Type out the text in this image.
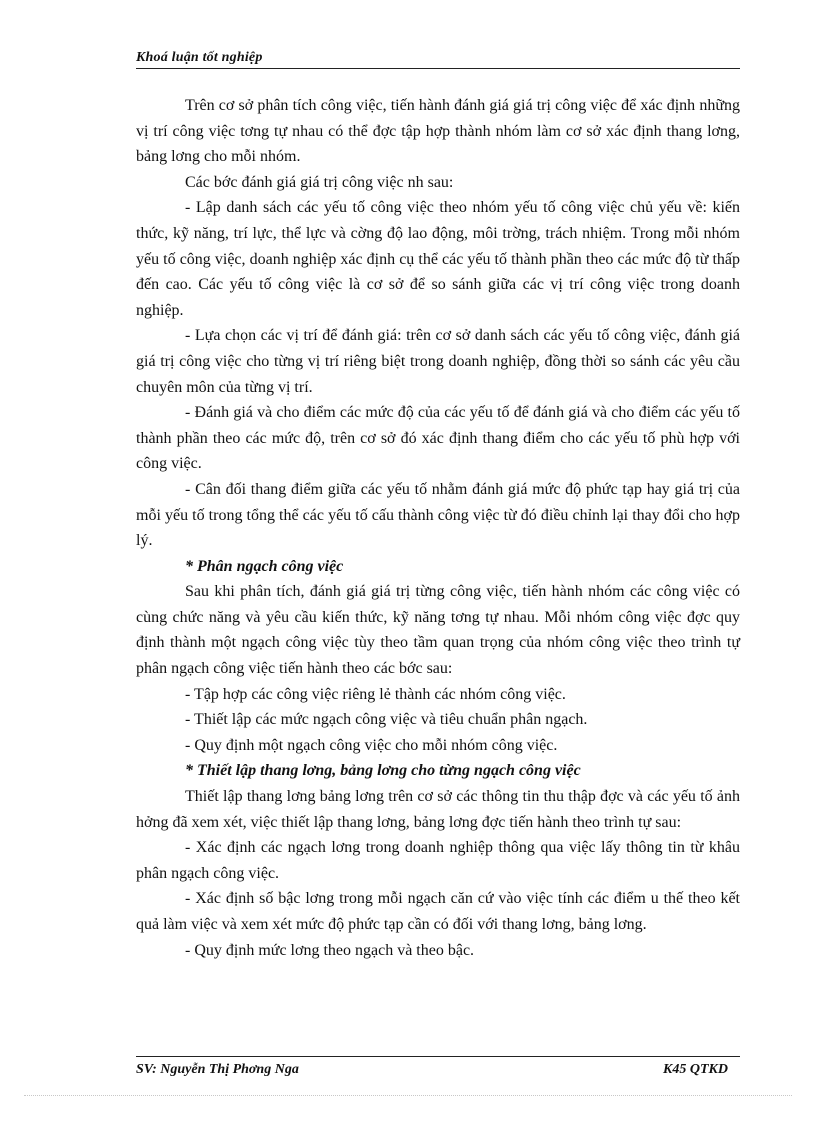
Khoá luận tốt nghiệp

Trên cơ sở phân tích công việc, tiến hành đánh giá giá trị công việc để xác định những vị trí công việc tơng tự nhau có thể đợc tập hợp thành nhóm làm cơ sở xác định thang lơng, bảng lơng cho mỗi nhóm.

Các bớc đánh giá giá trị công việc nh sau:

- Lập danh sách các yếu tố công việc theo nhóm yếu tố công việc chủ yếu về: kiến thức, kỹ năng, trí lực, thể lực và cờng độ lao động, môi trờng, trách nhiệm. Trong mỗi nhóm yếu tố công việc, doanh nghiệp xác định cụ thể các yếu tố thành phần theo các mức độ từ thấp đến cao. Các yếu tố công việc là cơ sở để so sánh giữa các vị trí công việc trong doanh nghiệp.

- Lựa chọn các vị trí để đánh giá: trên cơ sở danh sách các yếu tố công việc, đánh giá giá trị công việc cho từng vị trí riêng biệt trong doanh nghiệp, đồng thời so sánh các yêu cầu chuyên môn của từng vị trí.

- Đánh giá và cho điểm các mức độ của các yếu tố để đánh giá và cho điểm các yếu tố thành phần theo các mức độ, trên cơ sở đó xác định thang điểm cho các yếu tố phù hợp với công việc.

- Cân đối thang điểm giữa các yếu tố nhằm đánh giá mức độ phức tạp hay giá trị của mỗi yếu tố trong tổng thể các yếu tố cấu thành công việc từ đó điều chỉnh lại thay đổi cho hợp lý.

* Phân ngạch công việc

Sau khi phân tích, đánh giá giá trị từng công việc, tiến hành nhóm các công việc có cùng chức năng và yêu cầu kiến thức, kỹ năng tơng tự nhau. Mỗi nhóm công việc đợc quy định thành một ngạch công việc tùy theo tầm quan trọng của nhóm công việc theo trình tự phân ngạch công việc tiến hành theo các bớc sau:

- Tập hợp các công việc riêng lẻ thành các nhóm công việc.

- Thiết lập các mức ngạch công việc và tiêu chuẩn phân ngạch.

- Quy định một ngạch công việc cho mỗi nhóm công việc.

* Thiết lập thang lơng, bảng lơng cho từng ngạch công việc

Thiết lập thang lơng bảng lơng trên cơ sở các thông tin thu thập đợc và các yếu tố ảnh hởng đã xem xét, việc thiết lập thang lơng, bảng lơng đợc tiến hành theo trình tự sau:

- Xác định các ngạch lơng trong doanh nghiệp thông qua việc lấy thông tin từ khâu phân ngạch công việc.

- Xác định số bậc lơng trong mỗi ngạch căn cứ vào việc tính các điểm u thế theo kết quả làm việc và xem xét mức độ phức tạp cần có đối với thang lơng, bảng lơng.

- Quy định mức lơng theo ngạch và theo bậc.

SV: Nguyễn Thị Phơng Nga	K45 QTKD
